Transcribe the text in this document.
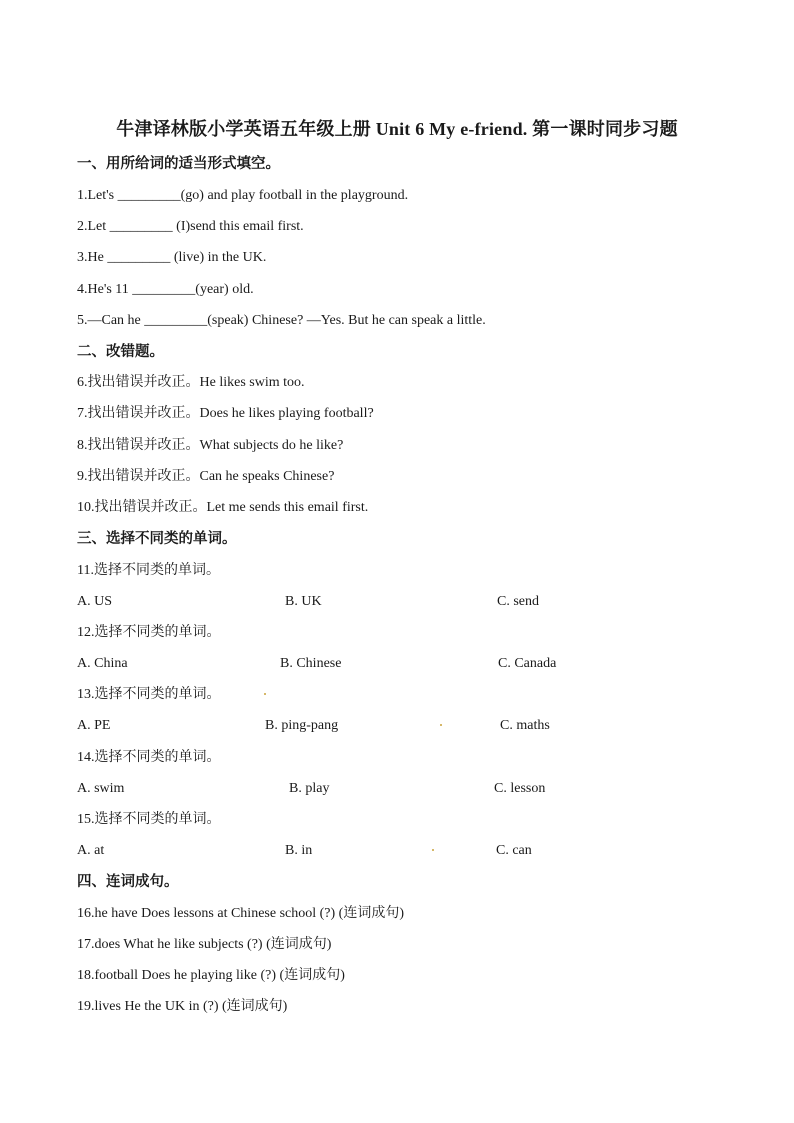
牛津译林版小学英语五年级上册 Unit 6 My e-friend. 第一课时同步习题
一、用所给词的适当形式填空。
1.Let's _________(go) and play football in the playground.
2.Let _________ (I)send this email first.
3.He _________ (live) in the UK.
4.He's 11 _________(year) old.
5.—Can he _________(speak) Chinese? —Yes. But he can speak a little.
二、改错题。
6.找出错误并改正。He likes swim too.
7.找出错误并改正。Does he likes playing football?
8.找出错误并改正。What subjects do he like?
9.找出错误并改正。Can he speaks Chinese?
10.找出错误并改正。Let me sends this email first.
三、选择不同类的单词。
11.选择不同类的单词。
A. US	B. UK	C. send
12.选择不同类的单词。
A. China	B. Chinese	C. Canada
13.选择不同类的单词。
A. PE	B. ping-pang	C. maths
14.选择不同类的单词。
A. swim	B. play	C. lesson
15.选择不同类的单词。
A. at	B. in	C. can
四、连词成句。
16.he have Does lessons at Chinese school (?) (连词成句)
17.does What he like subjects (?) (连词成句)
18.football Does he playing like (?) (连词成句)
19.lives He the UK in (?) (连词成句)
